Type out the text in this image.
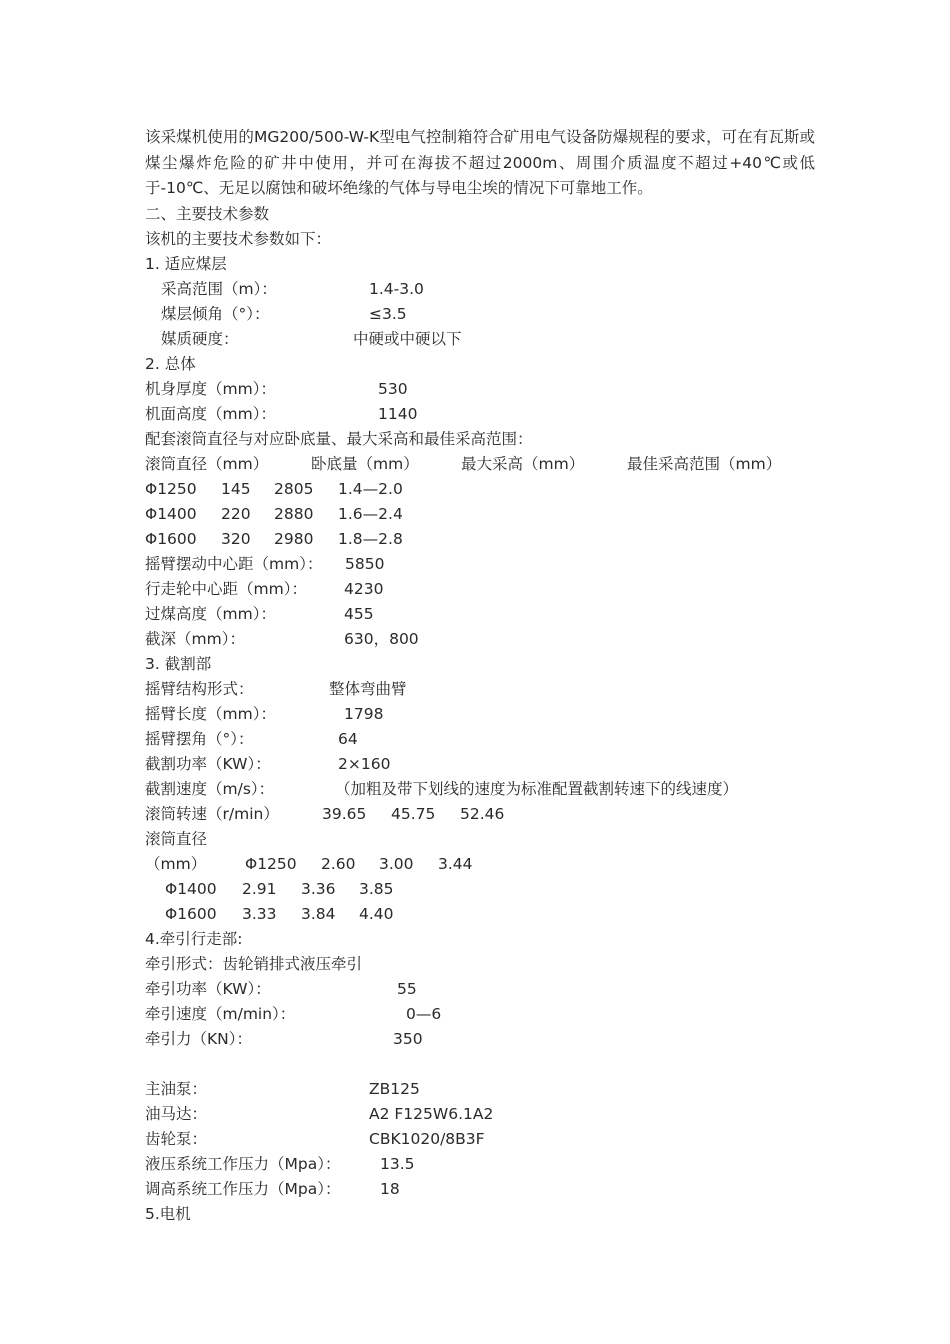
该采煤机使用的MG200/500-W-K型电气控制箱符合矿用电气设备防爆规程的要求，可在有瓦斯或煤尘爆炸危险的矿井中使用，并可在海拔不超过2000m、周围介质温度不超过+40℃或低于-10℃、无足以腐蚀和破坏绝缘的气体与导电尘埃的情况下可靠地工作。

二、主要技术参数
该机的主要技术参数如下：
1. 适应煤层
采高范围（m）：	1.4-3.0
煤层倾角（°）：	≤3.5
媒质硬度：	中硬或中硬以下
2. 总体
机身厚度（mm）：	530
机面高度（mm）：	1140
配套滚筒直径与对应卧底量、最大采高和最佳采高范围：
滚筒直径（mm）	卧底量（mm）	最大采高（mm）	最佳采高范围（mm）
Φ1250 145 2805 1.4—2.0
Φ1400 220 2880 1.6—2.4
Φ1600 320 2980 1.8—2.8
摇臂摆动中心距（mm）： 5850
行走轮中心距（mm）： 4230
过煤高度（mm）：	455
截深（mm）：	630，800
3. 截割部
摇臂结构形式：	整体弯曲臂
摇臂长度（mm）：	1798
摇臂摆角（°）：	64
截割功率（KW）：	2×160
截割速度（m/s）：	（加粗及带下划线的速度为标准配置截割转速下的线速度）
滚筒转速（r/min）	39.65 45.75 52.46
滚筒直径
（mm）	Φ1250 2.60 3.00 3.44
Φ1400 2.91 3.36 3.85
Φ1600 3.33 3.84 4.40
4.牵引行走部:
牵引形式：齿轮销排式液压牵引
牵引功率（KW）：	55
牵引速度（m/min）：	0—6
牵引力（KN）：	350
主油泵：	ZB125
油马达：	A2 F125W6.1A2
齿轮泵：	CBK1020/8B3F
液压系统工作压力（Mpa）：	13.5
调高系统工作压力（Mpa）：	18
5.电机
